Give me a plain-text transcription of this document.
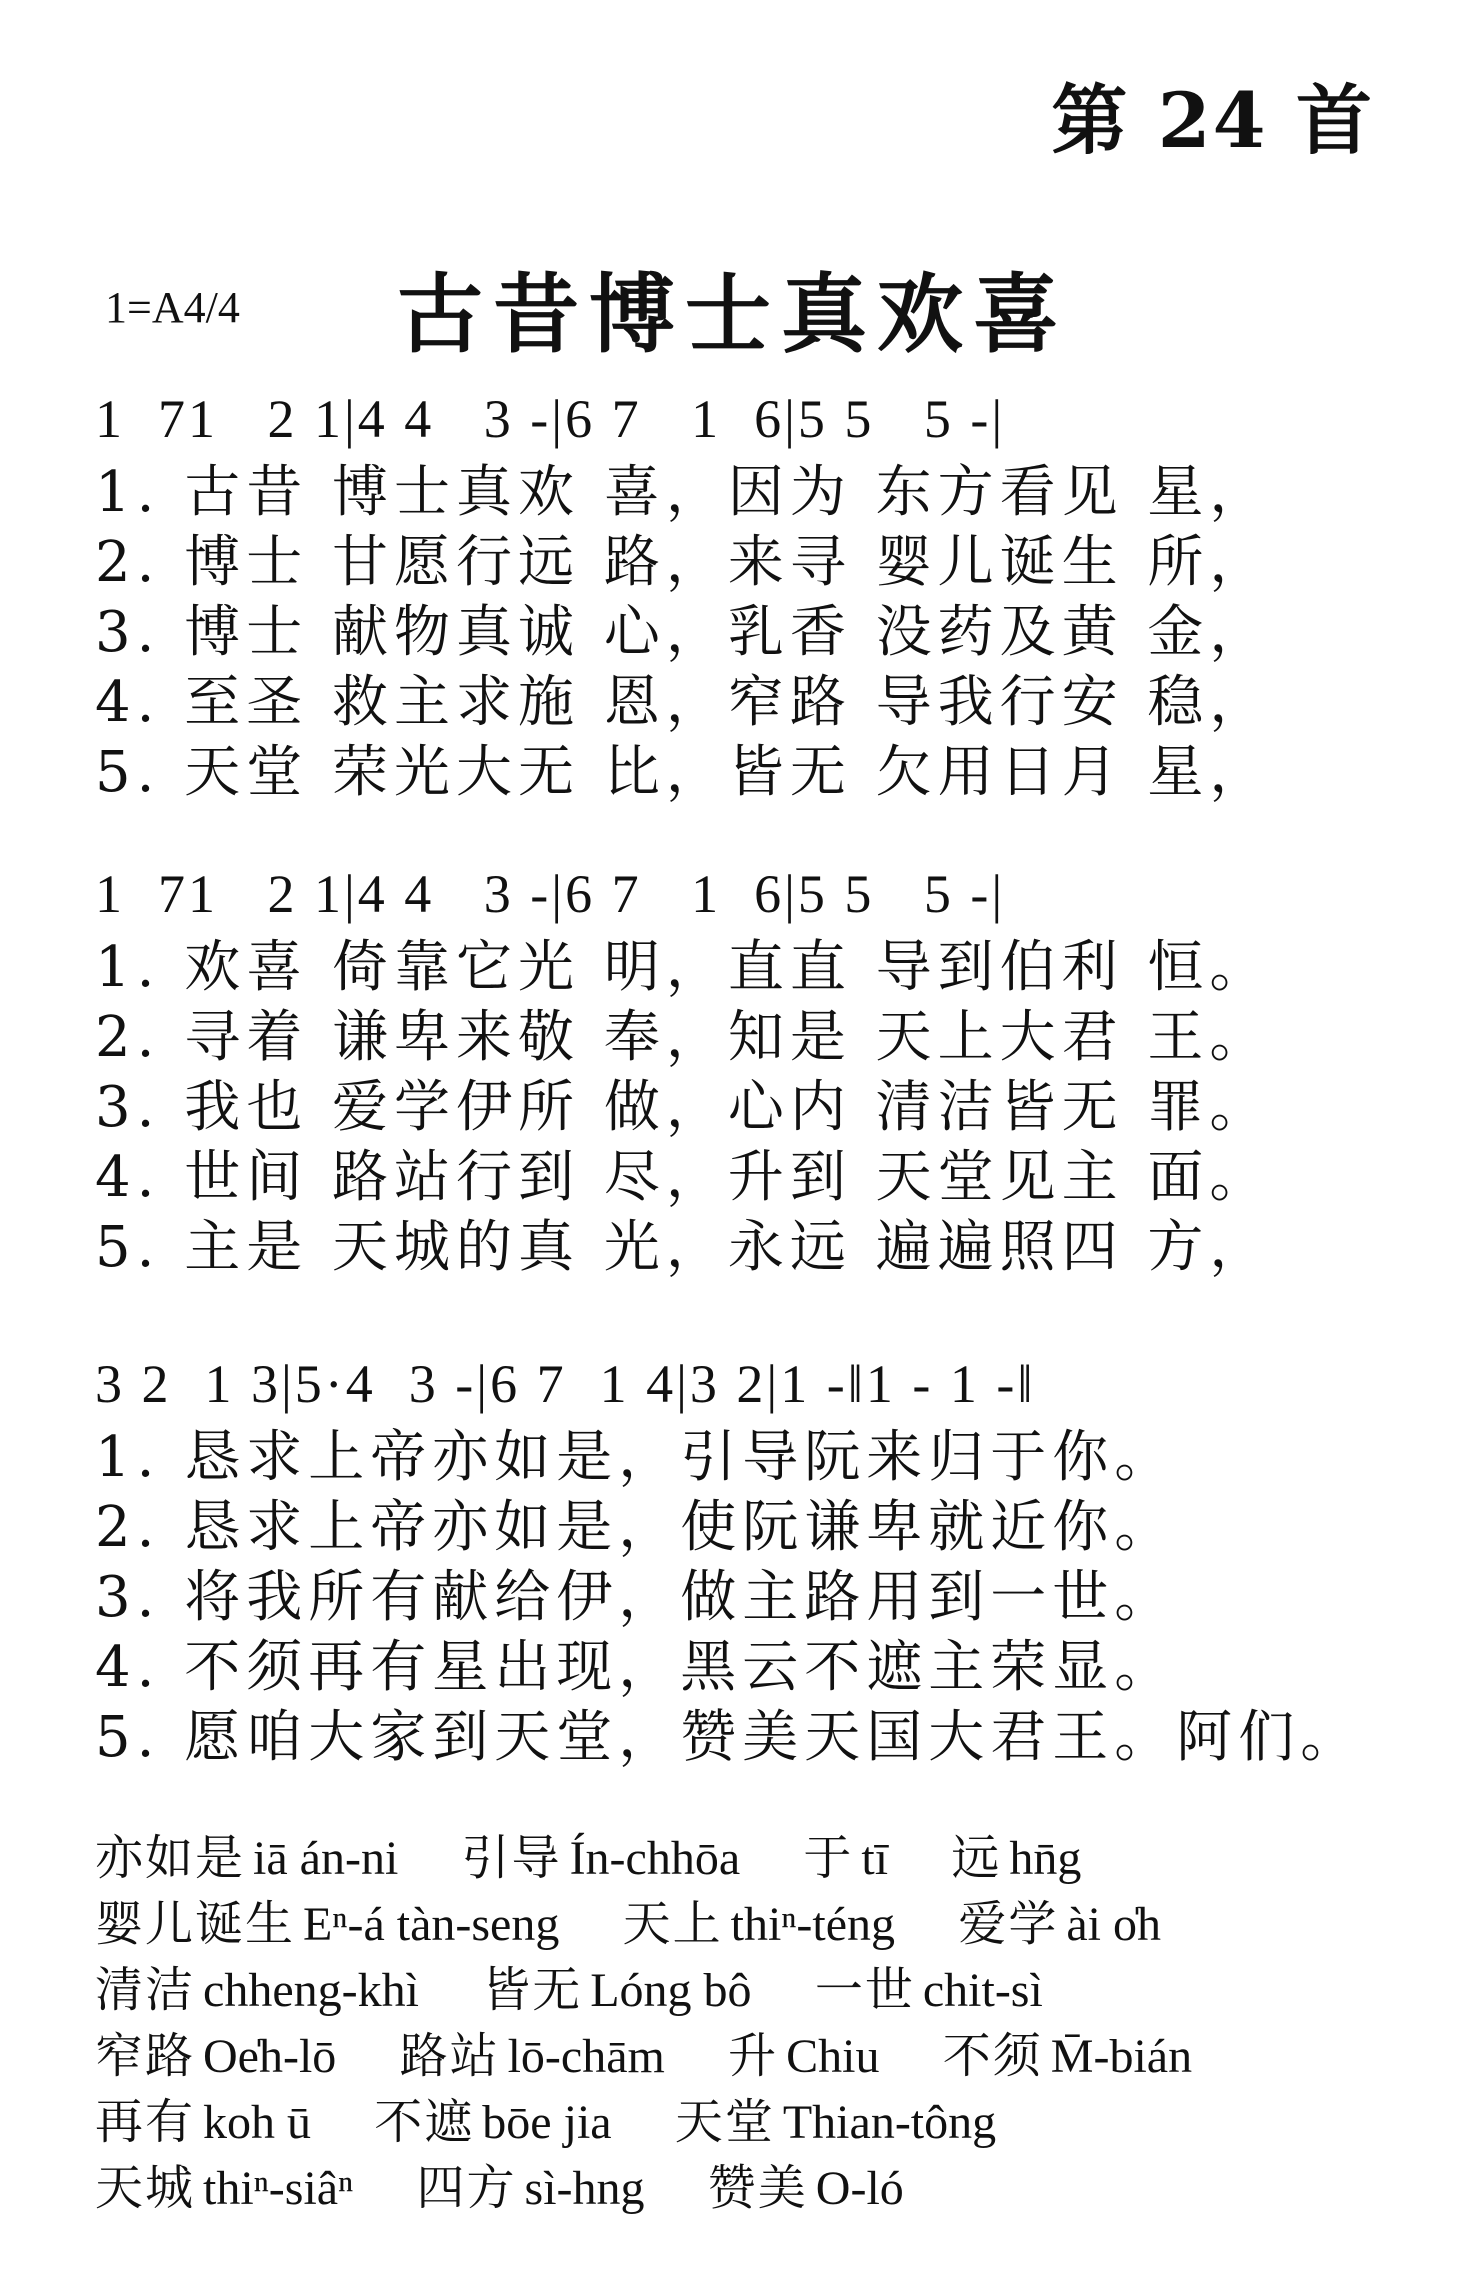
第 24 首
1=A4/4	古昔博士真欢喜
1  71   2 1|4 4   3 -|6 7   1  6|5 5   5 -|
1. 古昔 博士真欢 喜，因为 东方看见 星，
2. 博士 甘愿行远 路，来寻 婴儿诞生 所，
3. 博士 献物真诚 心，乳香 没药及黄 金，
4. 至圣 救主求施 恩，窄路 导我行安 稳，
5. 天堂 荣光大无 比，皆无 欠用日月 星，
1  71   2 1|4 4   3 -|6 7   1  6|5 5   5 -|
1. 欢喜 倚靠它光 明，直直 导到伯利 恒。
2. 寻着 谦卑来敬 奉，知是 天上大君 王。
3. 我也 爱学伊所 做，心内 清洁皆无 罪。
4. 世间 路站行到 尽，升到 天堂见主 面。
5. 主是 天城的真 光，永远 遍遍照四 方，
3 2  1 3|5·4  3 -|6 7  1 4|3 2|1 -‖1 - 1 -‖
1. 恳求上帝亦如是，引导阮来归于你。
2. 恳求上帝亦如是，使阮谦卑就近你。
3. 将我所有献给伊，做主路用到一世。
4. 不须再有星出现，黑云不遮主荣显。
5. 愿咱大家到天堂，赞美天国大君王。阿们。
亦如是 iā án-ni 引导 Ín-chhōa 于 tī 远 hn̄g
婴儿诞生 Eⁿ-á tàn-seng 天上 thiⁿ-téng 爱学 ài o̍h
清洁 chheng-khì 皆无 Lóng bô 一世 chit-sì
窄路 Oe̍h-lō 路站 lō-chām 升 Chiu 不须 M̄-bián
再有 koh ū 不遮 bōe jia 天堂 Thian-tông
天城 thiⁿ-siâⁿ 四方 sì-hng 赞美 O-ló
